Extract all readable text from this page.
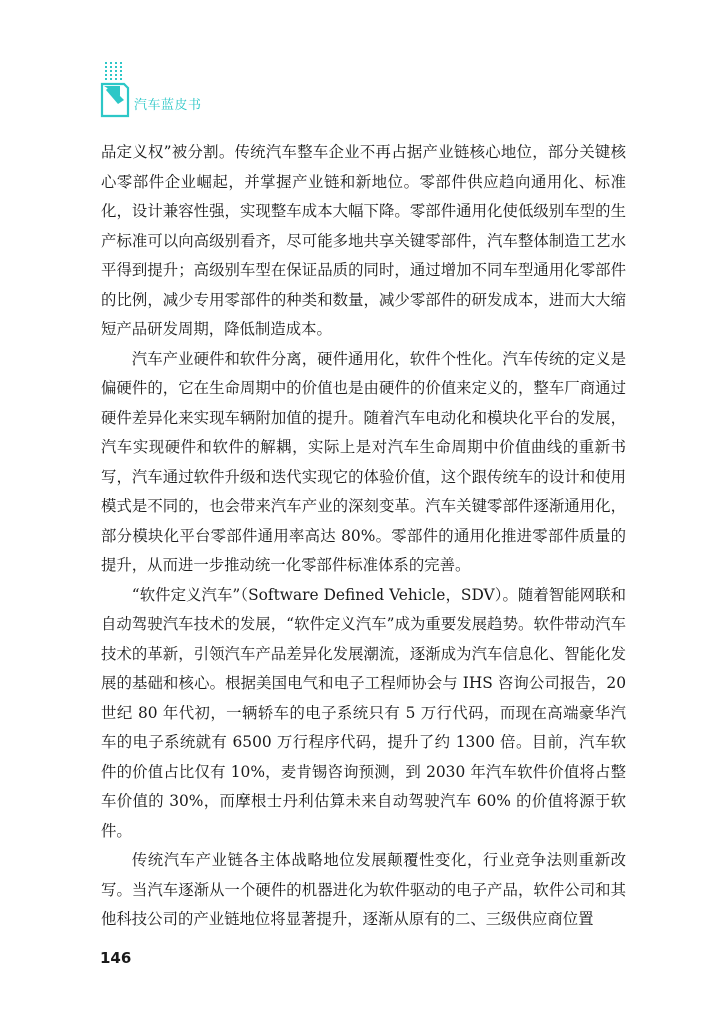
汽车蓝皮书

品定义权”被分割。传统汽车整车企业不再占据产业链核心地位，部分关键核心零部件企业崛起，并掌握产业链和新地位。零部件供应趋向通用化、标准化，设计兼容性强，实现整车成本大幅下降。零部件通用化使低级别车型的生产标准可以向高级别看齐，尽可能多地共享关键零部件，汽车整体制造工艺水平得到提升；高级别车型在保证品质的同时，通过增加不同车型通用化零部件的比例，减少专用零部件的种类和数量，减少零部件的研发成本，进而大大缩短产品研发周期，降低制造成本。

汽车产业硬件和软件分离，硬件通用化，软件个性化。汽车传统的定义是偏硬件的，它在生命周期中的价值也是由硬件的价值来定义的，整车厂商通过硬件差异化来实现车辆附加值的提升。随着汽车电动化和模块化平台的发展，汽车实现硬件和软件的解耦，实际上是对汽车生命周期中价值曲线的重新书写，汽车通过软件升级和迭代实现它的体验价值，这个跟传统车的设计和使用模式是不同的，也会带来汽车产业的深刻变革。汽车关键零部件逐渐通用化，部分模块化平台零部件通用率高达 80%。零部件的通用化推进零部件质量的提升，从而进一步推动统一化零部件标准体系的完善。

“软件定义汽车”（Software Defined Vehicle，SDV）。随着智能网联和自动驾驶汽车技术的发展，“软件定义汽车”成为重要发展趋势。软件带动汽车技术的革新，引领汽车产品差异化发展潮流，逐渐成为汽车信息化、智能化发展的基础和核心。根据美国电气和电子工程师协会与 IHS 咨询公司报告，20 世纪 80 年代初，一辆轿车的电子系统只有 5 万行代码，而现在高端豪华汽车的电子系统就有 6500 万行程序代码，提升了约 1300 倍。目前，汽车软件的价值占比仅有 10%，麦肯锡咨询预测，到 2030 年汽车软件价值将占整车价值的 30%，而摩根士丹利估算未来自动驾驶汽车 60% 的价值将源于软件。

传统汽车产业链各主体战略地位发展颠覆性变化，行业竞争法则重新改写。当汽车逐渐从一个硬件的机器进化为软件驱动的电子产品，软件公司和其他科技公司的产业链地位将显著提升，逐渐从原有的二、三级供应商位置

146
